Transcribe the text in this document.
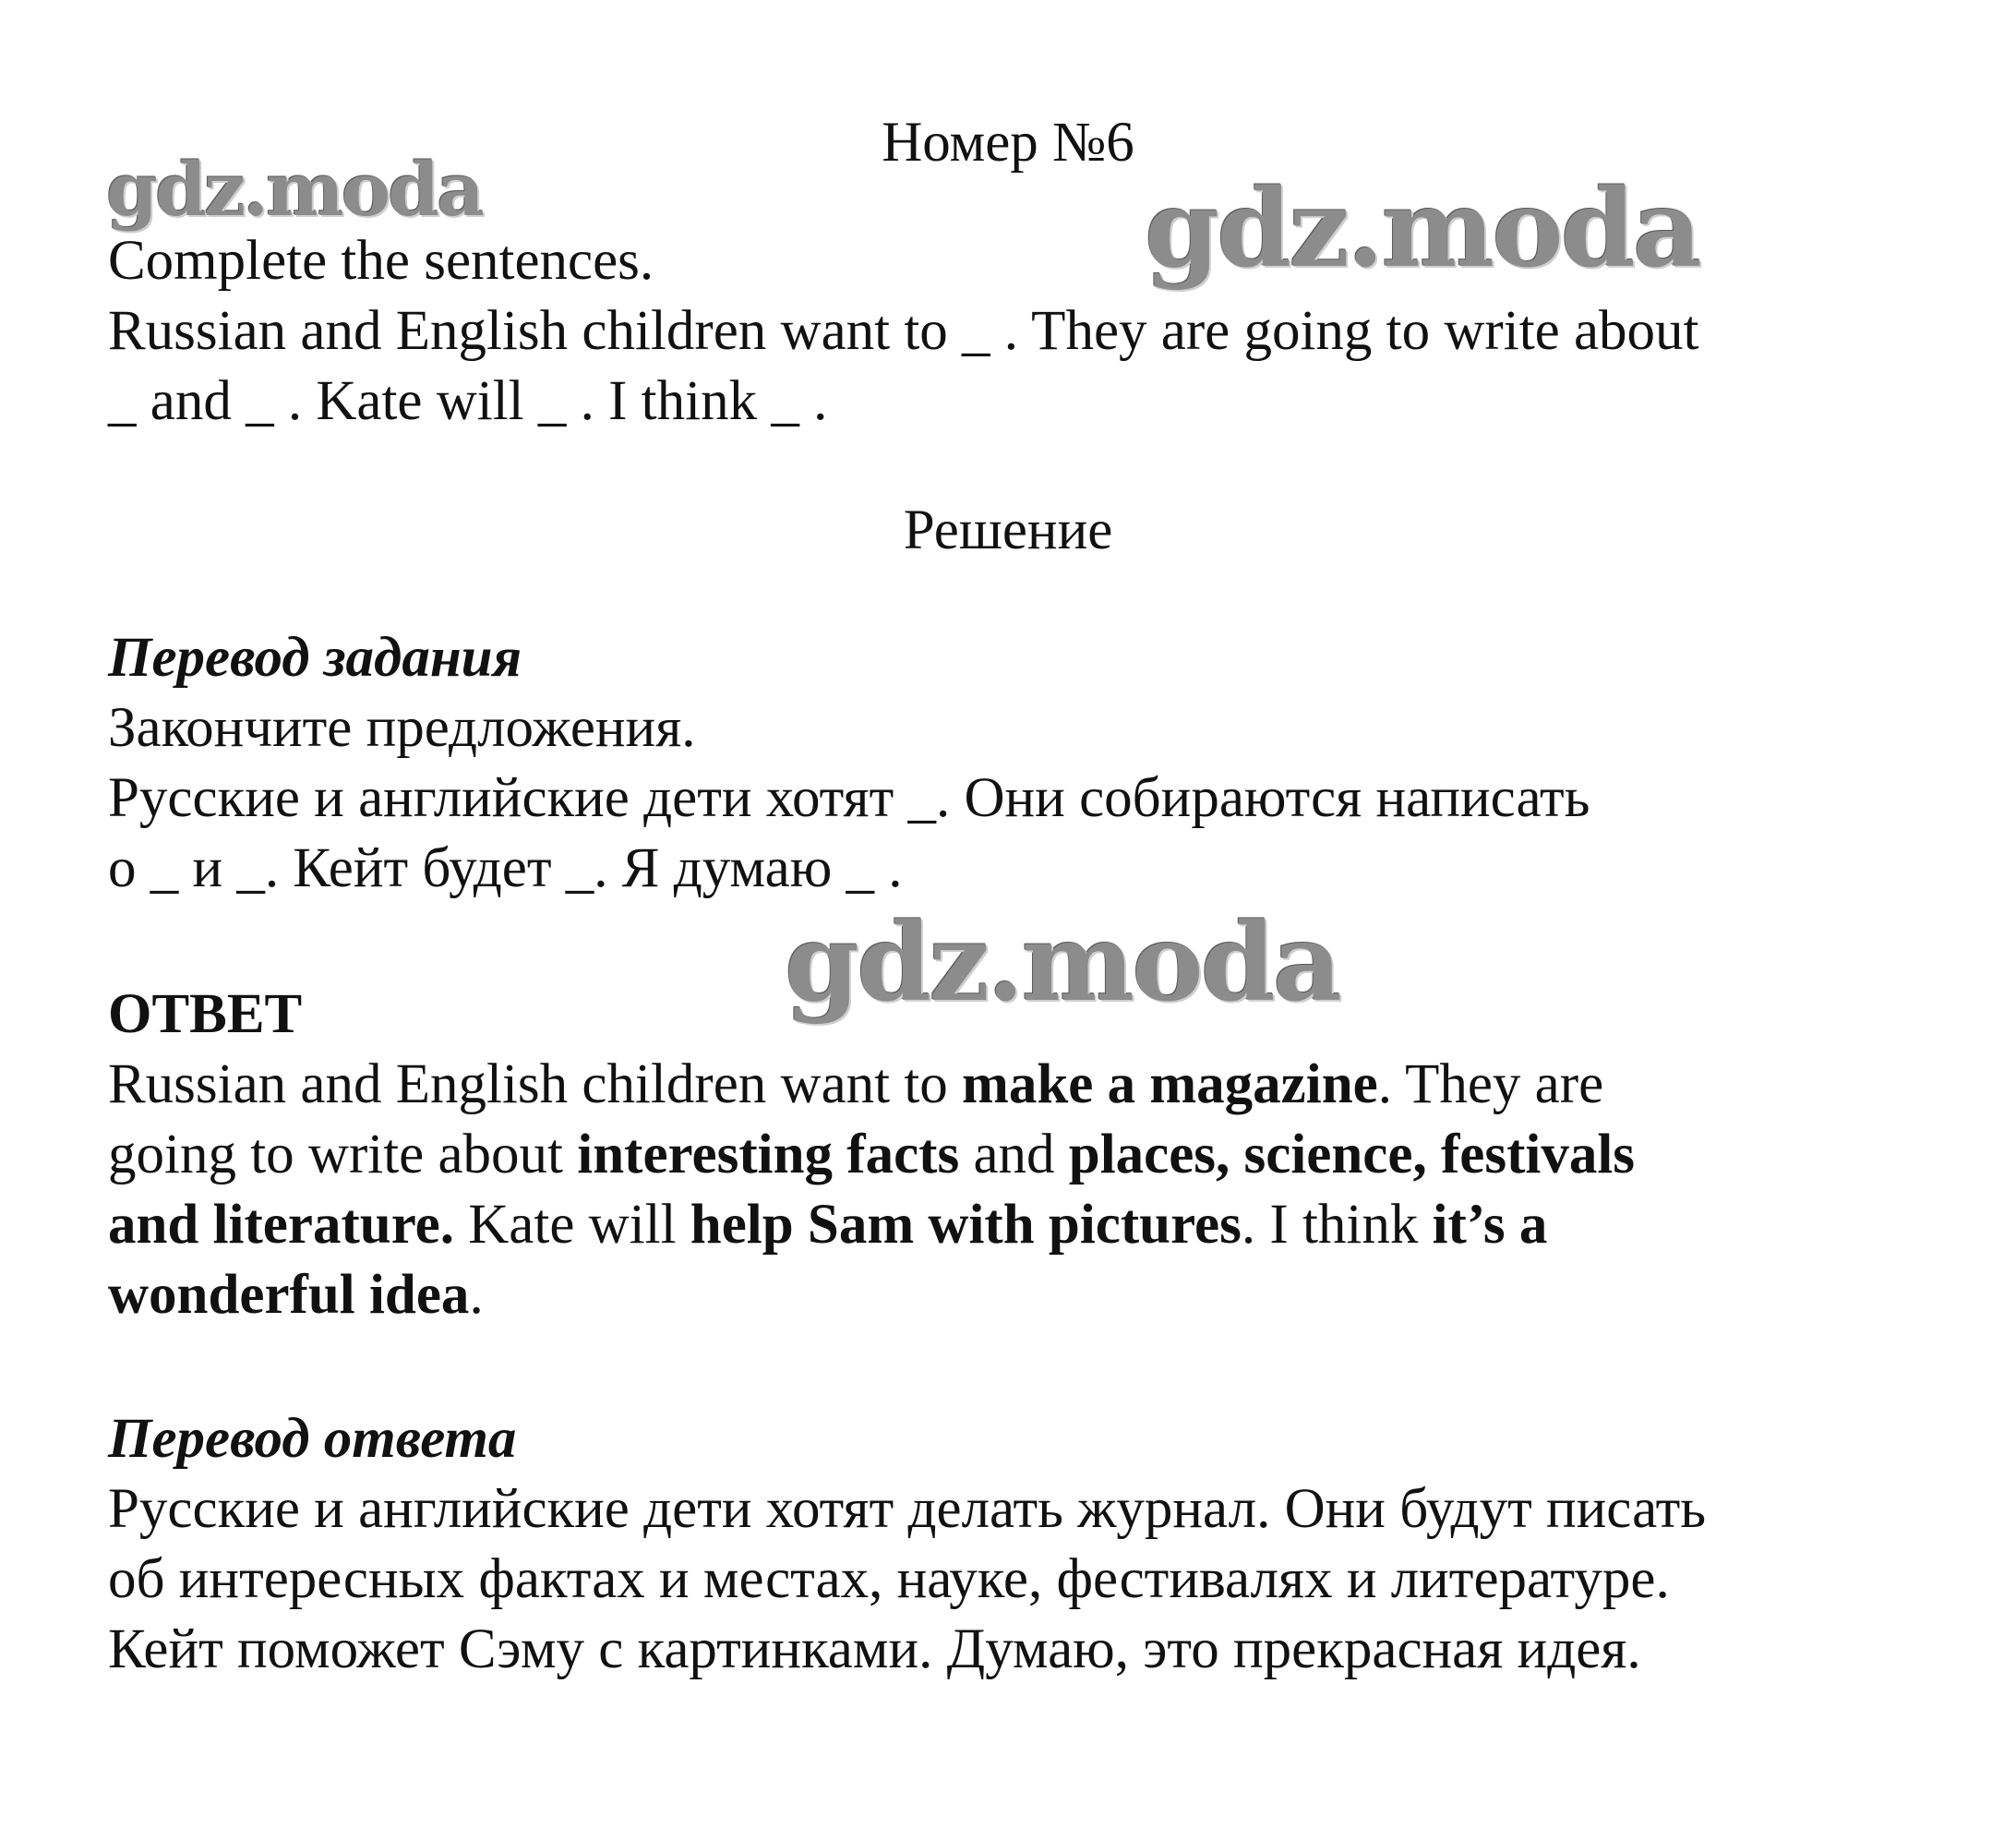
gdz.moda	gdz.moda
gdz.moda
Номер №6
Complete the sentences.
Russian and English children want to _ . They are going to write about
_ and _ . Kate will _ . I think _ .
Решение
Перевод задания
Закончите предложения.
Русские и английские дети хотят _. Они собираются написать
о _ и _. Кейт будет _. Я думаю _ .
ОТВЕТ
Russian and English children want to make a magazine. They are
going to write about interesting facts and places, science, festivals
and literature. Kate will help Sam with pictures. I think it’s a
wonderful idea.
Перевод ответа
Русские и английские дети хотят делать журнал. Они будут писать
об интересных фактах и местах, науке, фестивалях и литературе.
Кейт поможет Сэму с картинками. Думаю, это прекрасная идея.
